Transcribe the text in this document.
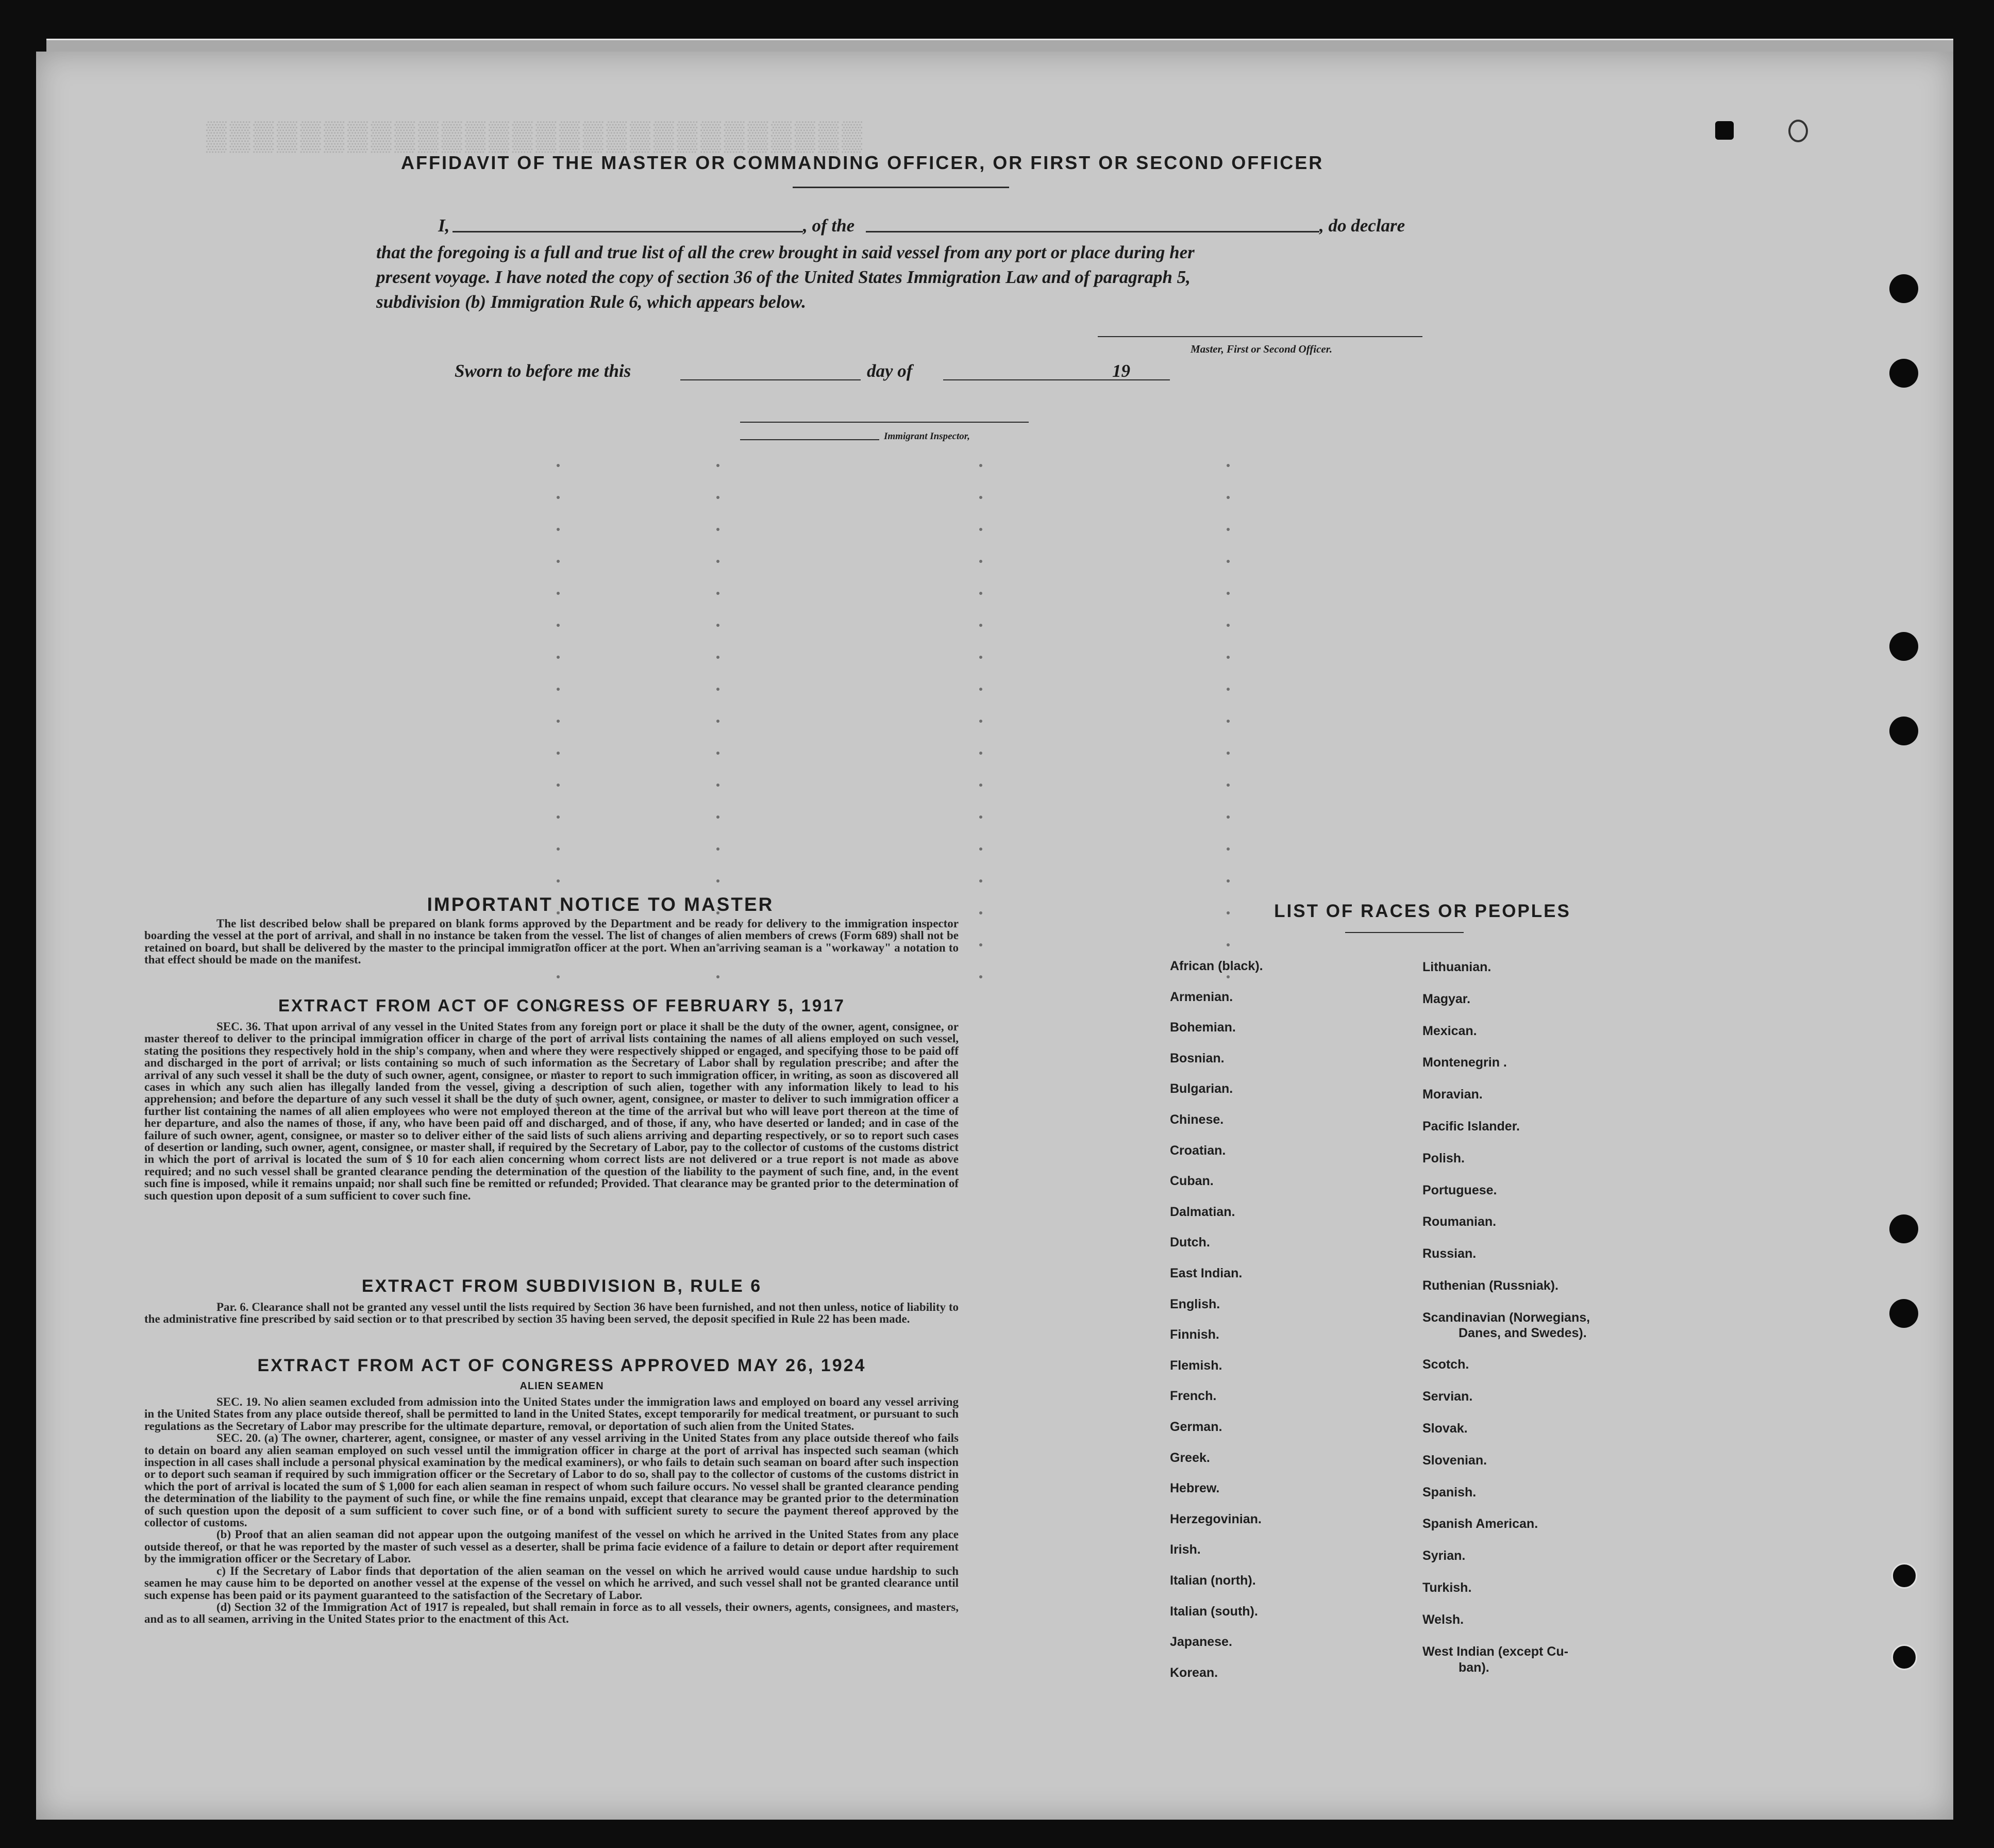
▒▒▒▒▒▒▒▒▒▒▒▒▒▒▒▒▒▒▒▒▒▒▒▒▒▒▒▒
AFFIDAVIT OF THE MASTER OR COMMANDING OFFICER, OR FIRST OR SECOND OFFICER
I,	, of the	, do declare
that the foregoing is a full and true list of all the crew brought in said vessel from any port or place during her
present voyage. I have noted the copy of section 36 of the United States Immigration Law and of paragraph 5,
subdivision (b) Immigration Rule 6, which appears below.
Master, First or Second Officer.
Sworn to before me this	day of	19
Immigrant Inspector,
IMPORTANT NOTICE TO MASTER
The list described below shall be prepared on blank forms approved by the Department and be ready for delivery to the immigration inspector boarding the vessel at the port of arrival, and shall in no instance be taken from the vessel. The list of changes of alien members of crews (Form 689) shall not be retained on board, but shall be delivered by the master to the principal immigration officer at the port. When an arriving seaman is a "workaway" a notation to that effect should be made on the manifest.
EXTRACT FROM ACT OF CONGRESS OF FEBRUARY 5, 1917
SEC. 36. That upon arrival of any vessel in the United States from any foreign port or place it shall be the duty of the owner, agent, consignee, or master thereof to deliver to the principal immigration officer in charge of the port of arrival lists containing the names of all aliens employed on such vessel, stating the positions they respectively hold in the ship's company, when and where they were respectively shipped or engaged, and specifying those to be paid off and discharged in the port of arrival; or lists containing so much of such information as the Secretary of Labor shall by regulation prescribe; and after the arrival of any such vessel it shall be the duty of such owner, agent, consignee, or master to report to such immigration officer, in writing, as soon as discovered all cases in which any such alien has illegally landed from the vessel, giving a description of such alien, together with any information likely to lead to his apprehension; and before the departure of any such vessel it shall be the duty of such owner, agent, consignee, or master to deliver to such immigration officer a further list containing the names of all alien employees who were not employed thereon at the time of the arrival but who will leave port thereon at the time of her departure, and also the names of those, if any, who have been paid off and discharged, and of those, if any, who have deserted or landed; and in case of the failure of such owner, agent, consignee, or master so to deliver either of the said lists of such aliens arriving and departing respectively, or so to report such cases of desertion or landing, such owner, agent, consignee, or master shall, if required by the Secretary of Labor, pay to the collector of customs of the customs district in which the port of arrival is located the sum of $ 10 for each alien concerning whom correct lists are not delivered or a true report is not made as above required; and no such vessel shall be granted clearance pending the determination of the question of the liability to the payment of such fine, and, in the event such fine is imposed, while it remains unpaid; nor shall such fine be remitted or refunded; Provided. That clearance may be granted prior to the determination of such question upon deposit of a sum sufficient to cover such fine.
EXTRACT FROM SUBDIVISION B, RULE 6
Par. 6. Clearance shall not be granted any vessel until the lists required by Section 36 have been furnished, and not then unless, notice of liability to the administrative fine prescribed by said section or to that prescribed by section 35 having been served, the deposit specified in Rule 22 has been made.
EXTRACT FROM ACT OF CONGRESS APPROVED MAY 26, 1924
ALIEN SEAMEN
SEC. 19. No alien seamen excluded from admission into the United States under the immigration laws and employed on board any vessel arriving in the United States from any place outside thereof, shall be permitted to land in the United States, except temporarily for medical treatment, or pursuant to such regulations as the Secretary of Labor may prescribe for the ultimate departure, removal, or deportation of such alien from the United States.
SEC. 20. (a) The owner, charterer, agent, consignee, or master of any vessel arriving in the United States from any place outside thereof who fails to detain on board any alien seaman employed on such vessel until the immigration officer in charge at the port of arrival has inspected such seaman (which inspection in all cases shall include a personal physical examination by the medical examiners), or who fails to detain such seaman on board after such inspection or to deport such seaman if required by such immigration officer or the Secretary of Labor to do so, shall pay to the collector of customs of the customs district in which the port of arrival is located the sum of $ 1,000 for each alien seaman in respect of whom such failure occurs. No vessel shall be granted clearance pending the determination of the liability to the payment of such fine, or while the fine remains unpaid, except that clearance may be granted prior to the determination of such question upon the deposit of a sum sufficient to cover such fine, or of a bond with sufficient surety to secure the payment thereof approved by the collector of customs.
(b) Proof that an alien seaman did not appear upon the outgoing manifest of the vessel on which he arrived in the United States from any place outside thereof, or that he was reported by the master of such vessel as a deserter, shall be prima facie evidence of a failure to detain or deport after requirement by the immigration officer or the Secretary of Labor.
c) If the Secretary of Labor finds that deportation of the alien seaman on the vessel on which he arrived would cause undue hardship to such seamen he may cause him to be deported on another vessel at the expense of the vessel on which he arrived, and such vessel shall not be granted clearance until such expense has been paid or its payment guaranteed to the satisfaction of the Secretary of Labor.
(d) Section 32 of the Immigration Act of 1917 is repealed, but shall remain in force as to all vessels, their owners, agents, consignees, and masters, and as to all seamen, arriving in the United States prior to the enactment of this Act.
LIST OF RACES OR PEOPLES
African (black).
Armenian.
Bohemian.
Bosnian.
Bulgarian.
Chinese.
Croatian.
Cuban.
Dalmatian.
Dutch.
East Indian.
English.
Finnish.
Flemish.
French.
German.
Greek.
Hebrew.
Herzegovinian.
Irish.
Italian (north).
Italian (south).
Japanese.
Korean.
Lithuanian.
Magyar.
Mexican.
Montenegrin .
Moravian.
Pacific Islander.
Polish.
Portuguese.
Roumanian.
Russian.
Ruthenian (Russniak).
Scandinavian (Norwegians,
Danes, and Swedes).
Scotch.
Servian.
Slovak.
Slovenian.
Spanish.
Spanish American.
Syrian.
Turkish.
Welsh.
West Indian (except Cu-
ban).
